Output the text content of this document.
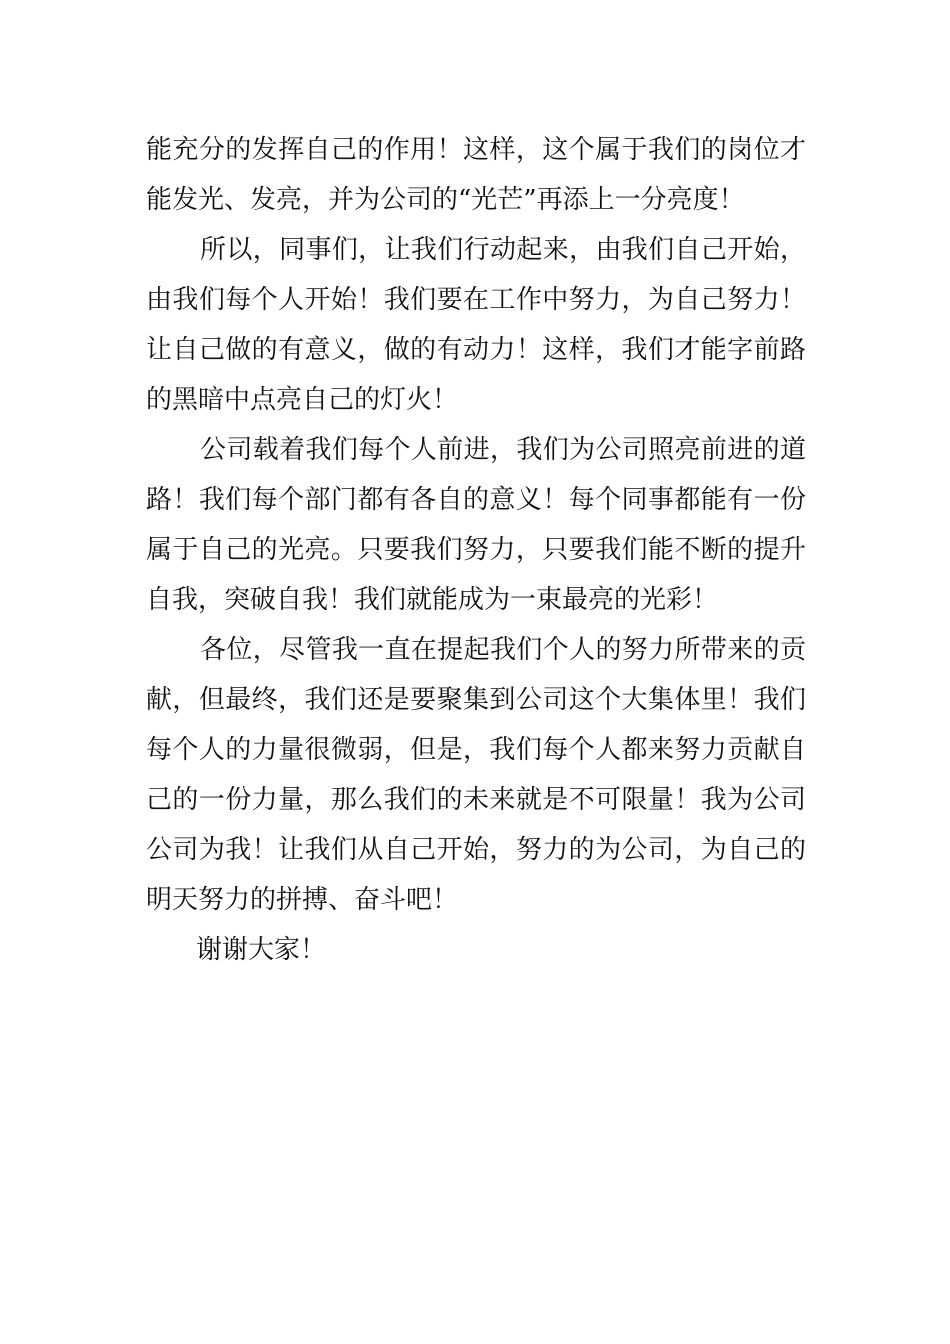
能充分的发挥自己的作用！这样，这个属于我们的岗位才
能发光、发亮，并为公司的“光芒”再添上一分亮度！
所以，同事们，让我们行动起来，由我们自己开始，
由我们每个人开始！我们要在工作中努力，为自己努力！
让自己做的有意义，做的有动力！这样，我们才能字前路
的黑暗中点亮自己的灯火！
公司载着我们每个人前进，我们为公司照亮前进的道
路！我们每个部门都有各自的意义！每个同事都能有一份
属于自己的光亮。只要我们努力，只要我们能不断的提升
自我，突破自我！我们就能成为一束最亮的光彩！
各位，尽管我一直在提起我们个人的努力所带来的贡
献，但最终，我们还是要聚集到公司这个大集体里！我们
每个人的力量很微弱，但是，我们每个人都来努力贡献自
己的一份力量，那么我们的未来就是不可限量！我为公司
公司为我！让我们从自己开始，努力的为公司，为自己的
明天努力的拼搏、奋斗吧！
谢谢大家！
